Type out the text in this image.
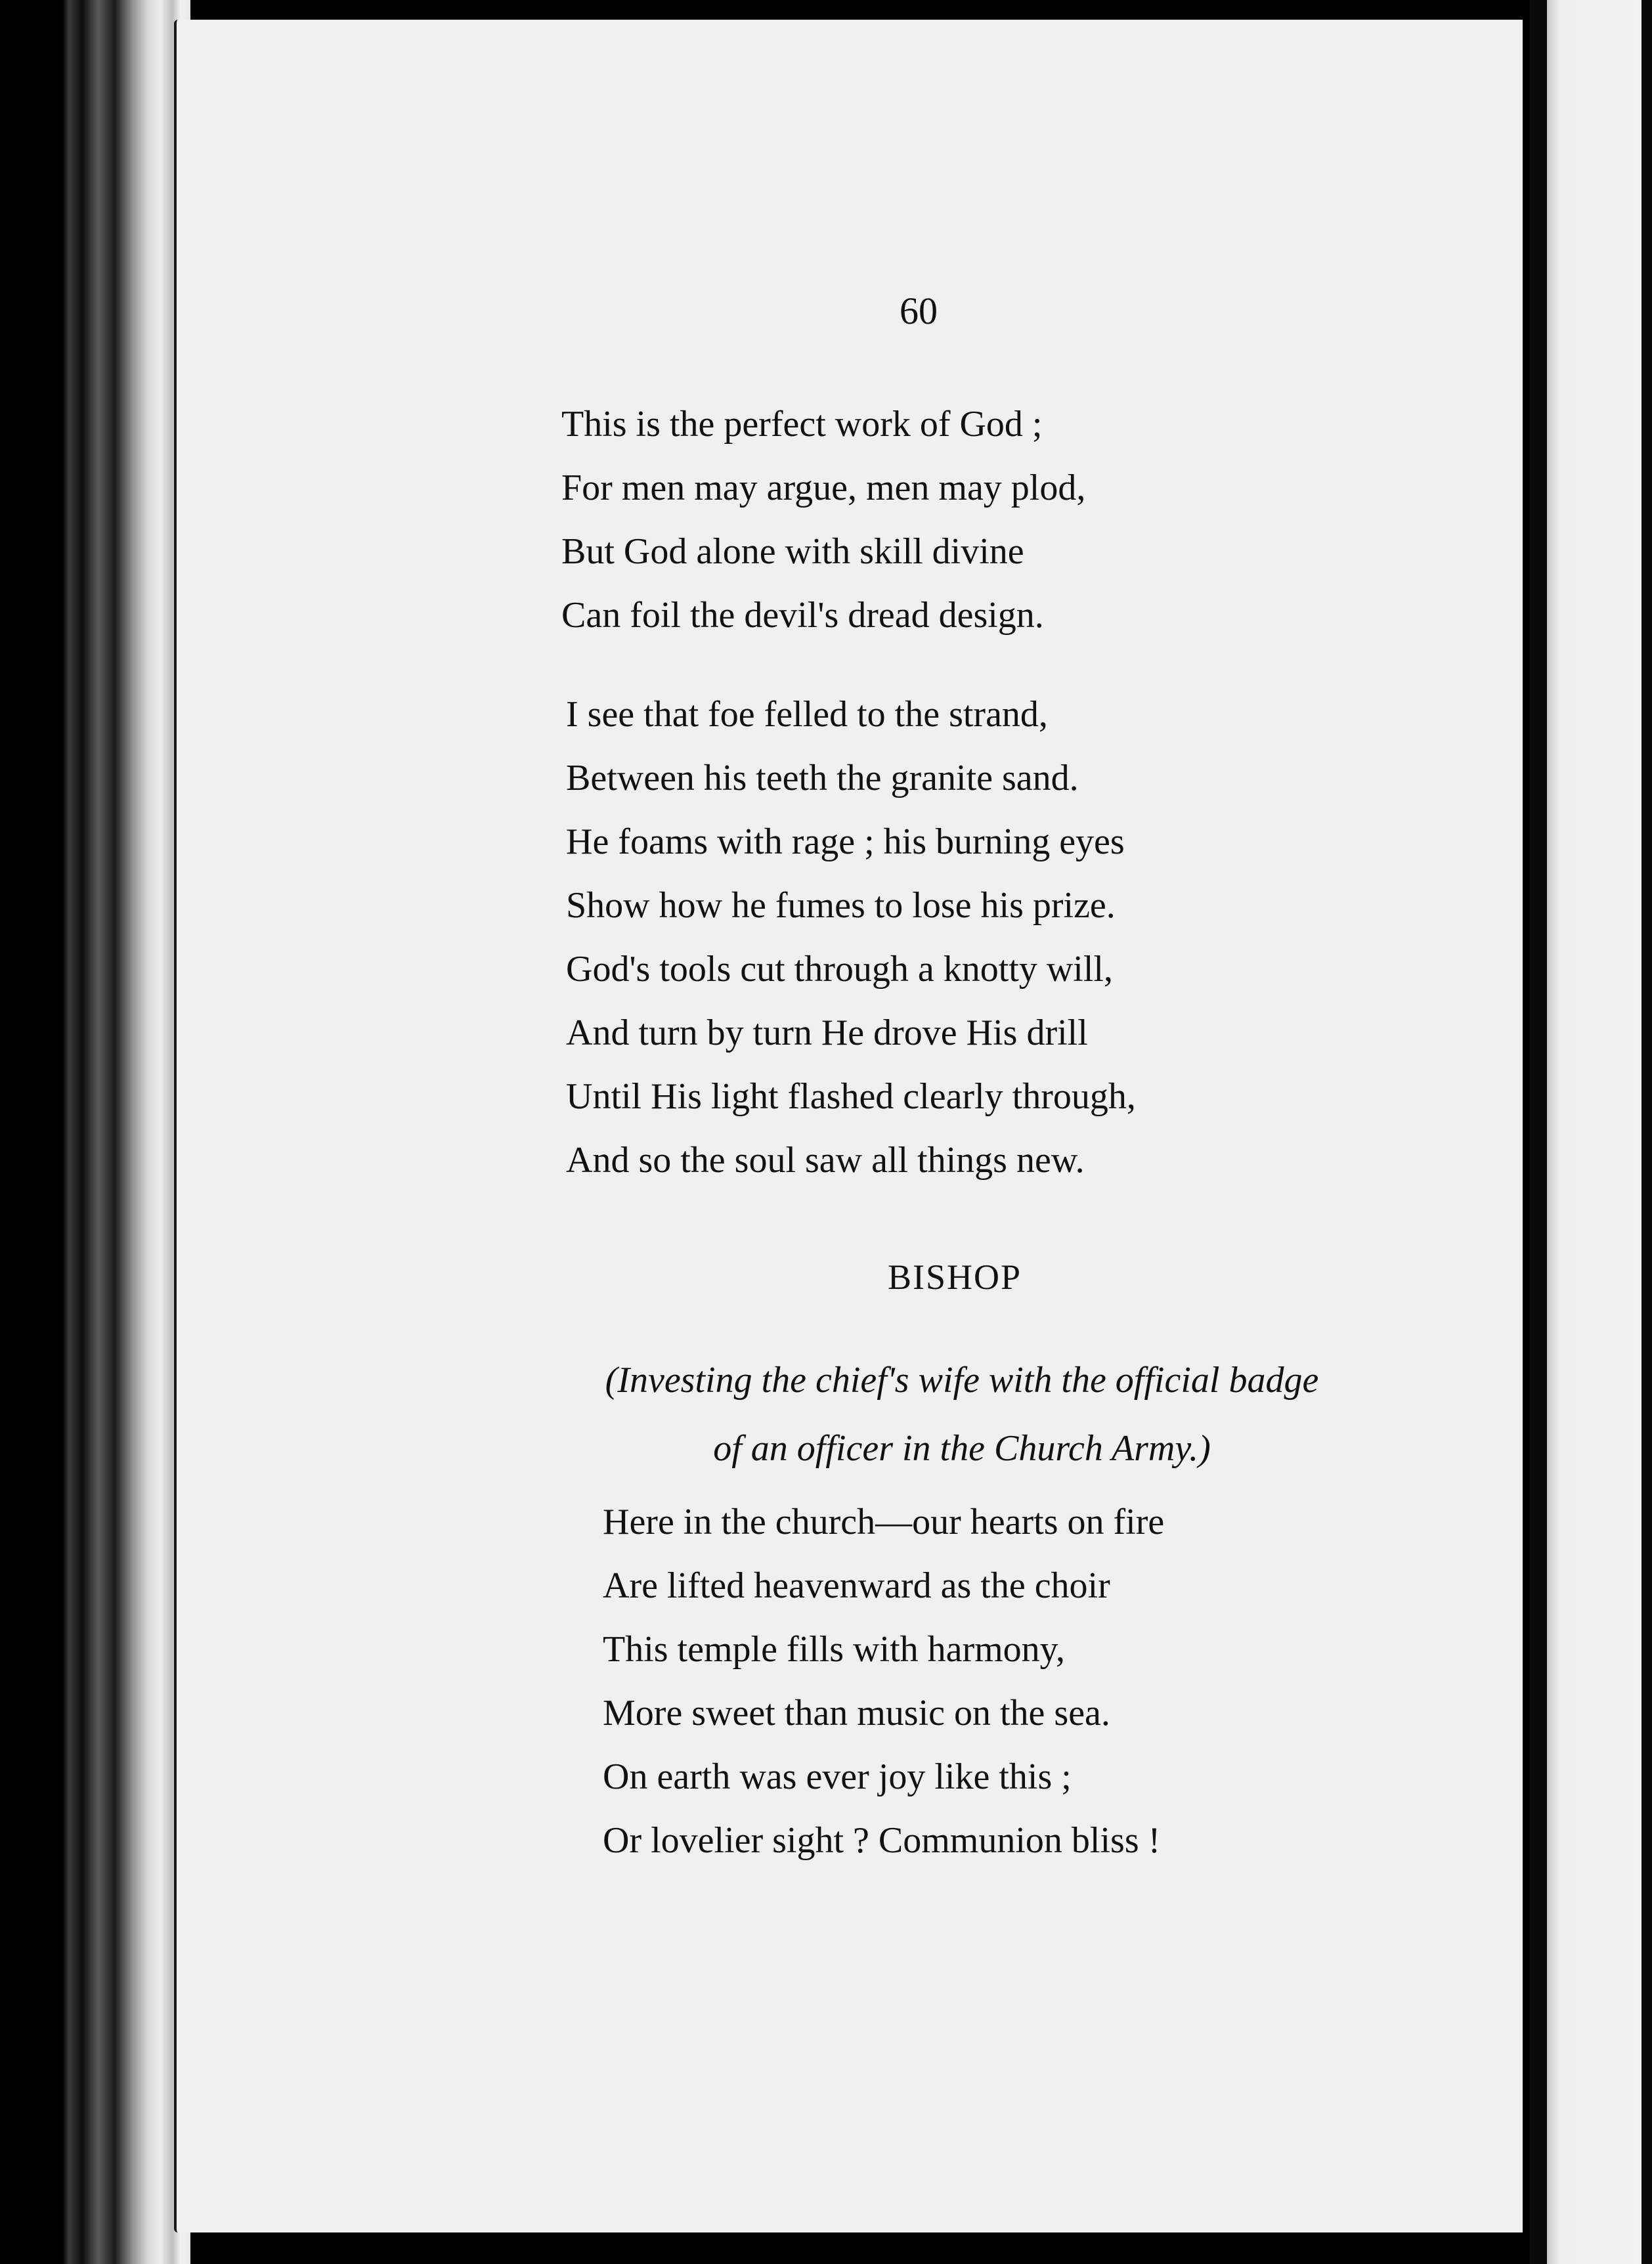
60
This is the perfect work of God ;
For men may argue, men may plod,
But God alone with skill divine
Can foil the devil's dread design.
I see that foe felled to the strand,
Between his teeth the granite sand.
He foams with rage ; his burning eyes
Show how he fumes to lose his prize.
God's tools cut through a knotty will,
And turn by turn He drove His drill
Until His light flashed clearly through,
And so the soul saw all things new.
BISHOP
(Investing the chief's wife with the official badge
of an officer in the Church Army.)
Here in the church—our hearts on fire
Are lifted heavenward as the choir
This temple fills with harmony,
More sweet than music on the sea.
On earth was ever joy like this ;
Or lovelier sight ? Communion bliss !
